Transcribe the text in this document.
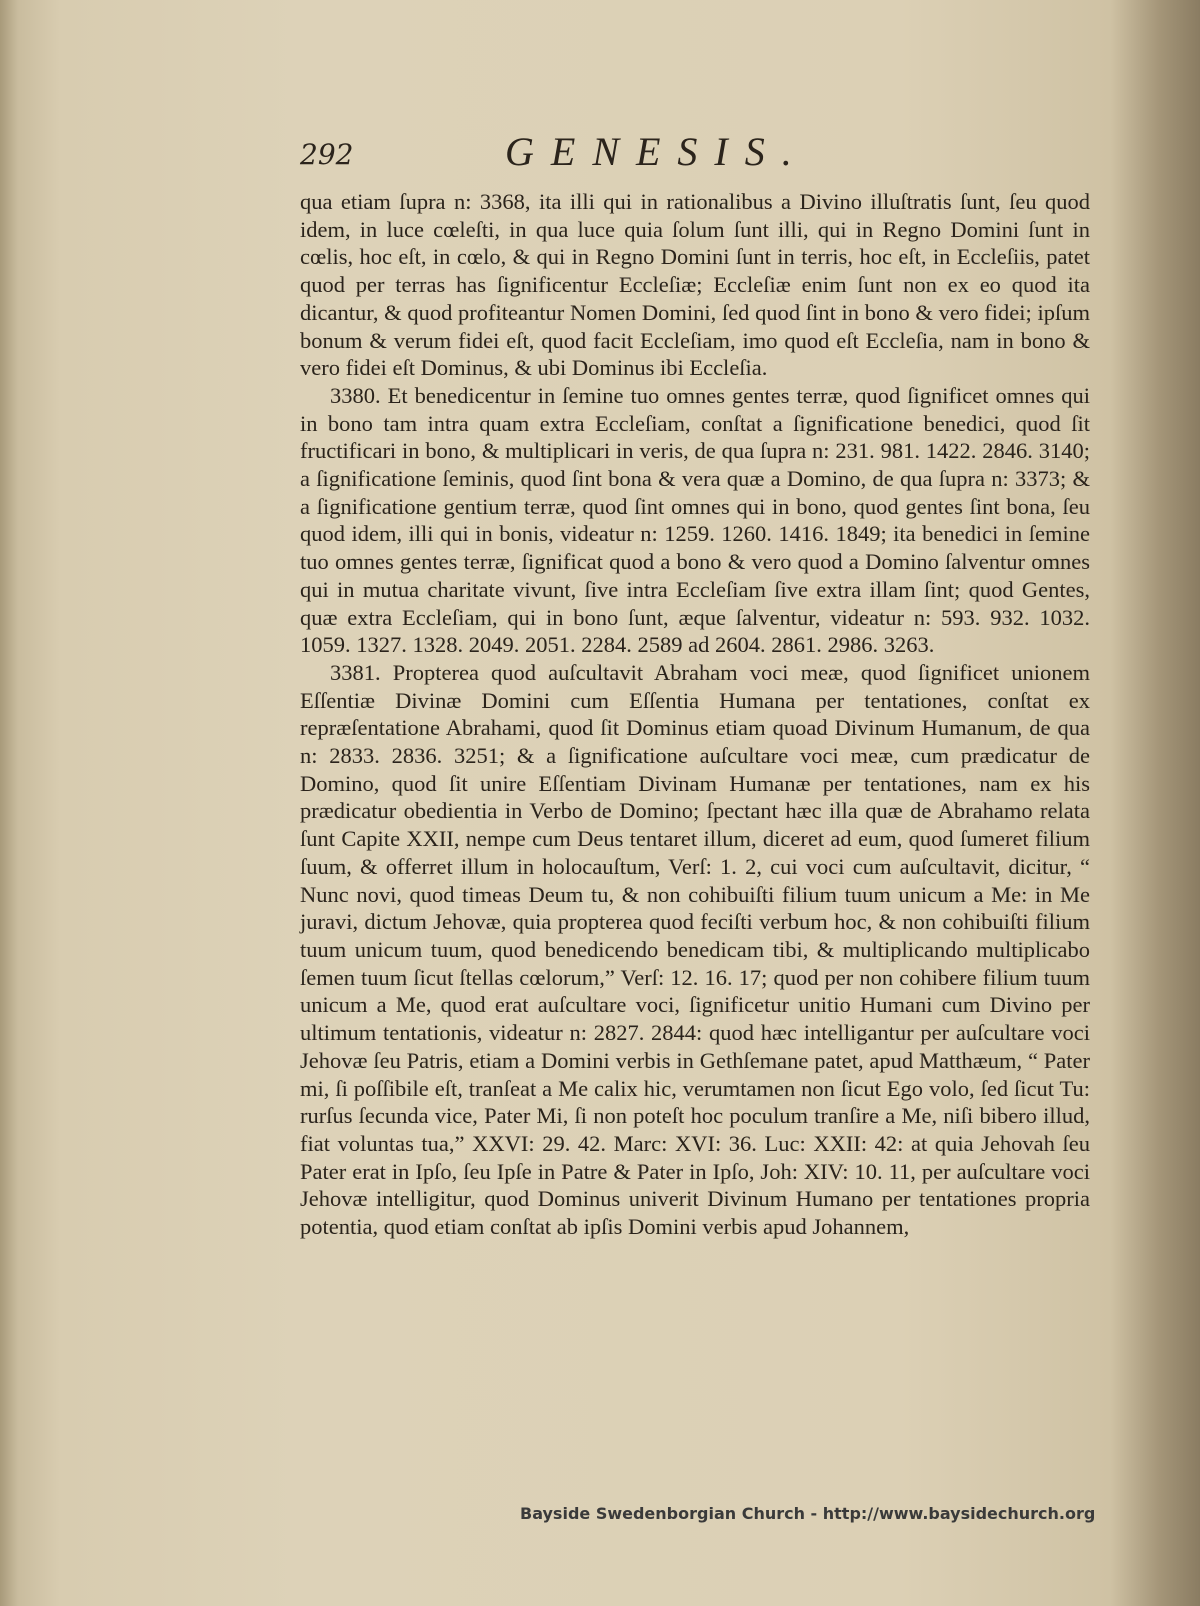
292	GENESIS.

qua etiam ſupra n: 3368, ita illi qui in rationalibus a Divino illuſtratis ſunt, ſeu quod idem, in luce cœleſti, in qua luce quia ſolum ſunt illi, qui in Regno Domini ſunt in cœlis, hoc eſt, in cœlo, & qui in Regno Domini ſunt in terris, hoc eſt, in Eccleſiis, patet quod per terras has ſignificentur Eccleſiæ; Eccleſiæ enim ſunt non ex eo quod ita dicantur, & quod profiteantur Nomen Domini, ſed quod ſint in bono & vero fidei; ipſum bonum & verum fidei eſt, quod facit Eccleſiam, imo quod eſt Eccleſia, nam in bono & vero fidei eſt Dominus, & ubi Dominus ibi Eccleſia.

3380. Et benedicentur in ſemine tuo omnes gentes terræ, quod ſignificet omnes qui in bono tam intra quam extra Eccleſiam, conſtat a ſignificatione benedici, quod ſit fructificari in bono, & multiplicari in veris, de qua ſupra n: 231. 981. 1422. 2846. 3140; a ſignificatione ſeminis, quod ſint bona & vera quæ a Domino, de qua ſupra n: 3373; & a ſignificatione gentium terræ, quod ſint omnes qui in bono, quod gentes ſint bona, ſeu quod idem, illi qui in bonis, videatur n: 1259. 1260. 1416. 1849; ita benedici in ſemine tuo omnes gentes terræ, ſignificat quod a bono & vero quod a Domino ſalventur omnes qui in mutua charitate vivunt, ſive intra Eccleſiam ſive extra illam ſint; quod Gentes, quæ extra Eccleſiam, qui in bono ſunt, æque ſalventur, videatur n: 593. 932. 1032. 1059. 1327. 1328. 2049. 2051. 2284. 2589 ad 2604. 2861. 2986. 3263.

3381. Propterea quod auſcultavit Abraham voci meæ, quod ſignificet unionem Eſſentiæ Divinæ Domini cum Eſſentia Humana per tentationes, conſtat ex repræſentatione Abrahami, quod ſit Dominus etiam quoad Divinum Humanum, de qua n: 2833. 2836. 3251; & a ſignificatione auſcultare voci meæ, cum prædicatur de Domino, quod ſit unire Eſſentiam Divinam Humanæ per tentationes, nam ex his prædicatur obedientia in Verbo de Domino; ſpectant hæc illa quæ de Abrahamo relata ſunt Capite XXII, nempe cum Deus tentaret illum, diceret ad eum, quod ſumeret filium ſuum, & offerret illum in holocauſtum, Verſ: 1. 2, cui voci cum auſcultavit, dicitur, “ Nunc novi, quod timeas Deum tu, & non cohibuiſti filium tuum unicum a Me: in Me juravi, dictum Jehovæ, quia propterea quod feciſti verbum hoc, & non cohibuiſti filium tuum unicum tuum, quod benedicendo benedicam tibi, & multiplicando multiplicabo ſemen tuum ſicut ſtellas cœlorum,” Verſ: 12. 16. 17; quod per non cohibere filium tuum unicum a Me, quod erat auſcultare voci, ſignificetur unitio Humani cum Divino per ultimum tentationis, videatur n: 2827. 2844: quod hæc intelligantur per auſcultare voci Jehovæ ſeu Patris, etiam a Domini verbis in Gethſemane patet, apud Matthæum, “ Pater mi, ſi poſſibile eſt, tranſeat a Me calix hic, verumtamen non ſicut Ego volo, ſed ſicut Tu: rurſus ſecunda vice, Pater Mi, ſi non poteſt hoc poculum tranſire a Me, niſi bibero illud, fiat voluntas tua,” XXVI: 29. 42. Marc: XVI: 36. Luc: XXII: 42: at quia Jehovah ſeu Pater erat in Ipſo, ſeu Ipſe in Patre & Pater in Ipſo, Joh: XIV: 10. 11, per auſcultare voci Jehovæ intelligitur, quod Dominus univerit Divinum Humano per tentationes propria potentia, quod etiam conſtat ab ipſis Domini verbis apud Johannem,

Bayside Swedenborgian Church - http://www.baysidechurch.org
